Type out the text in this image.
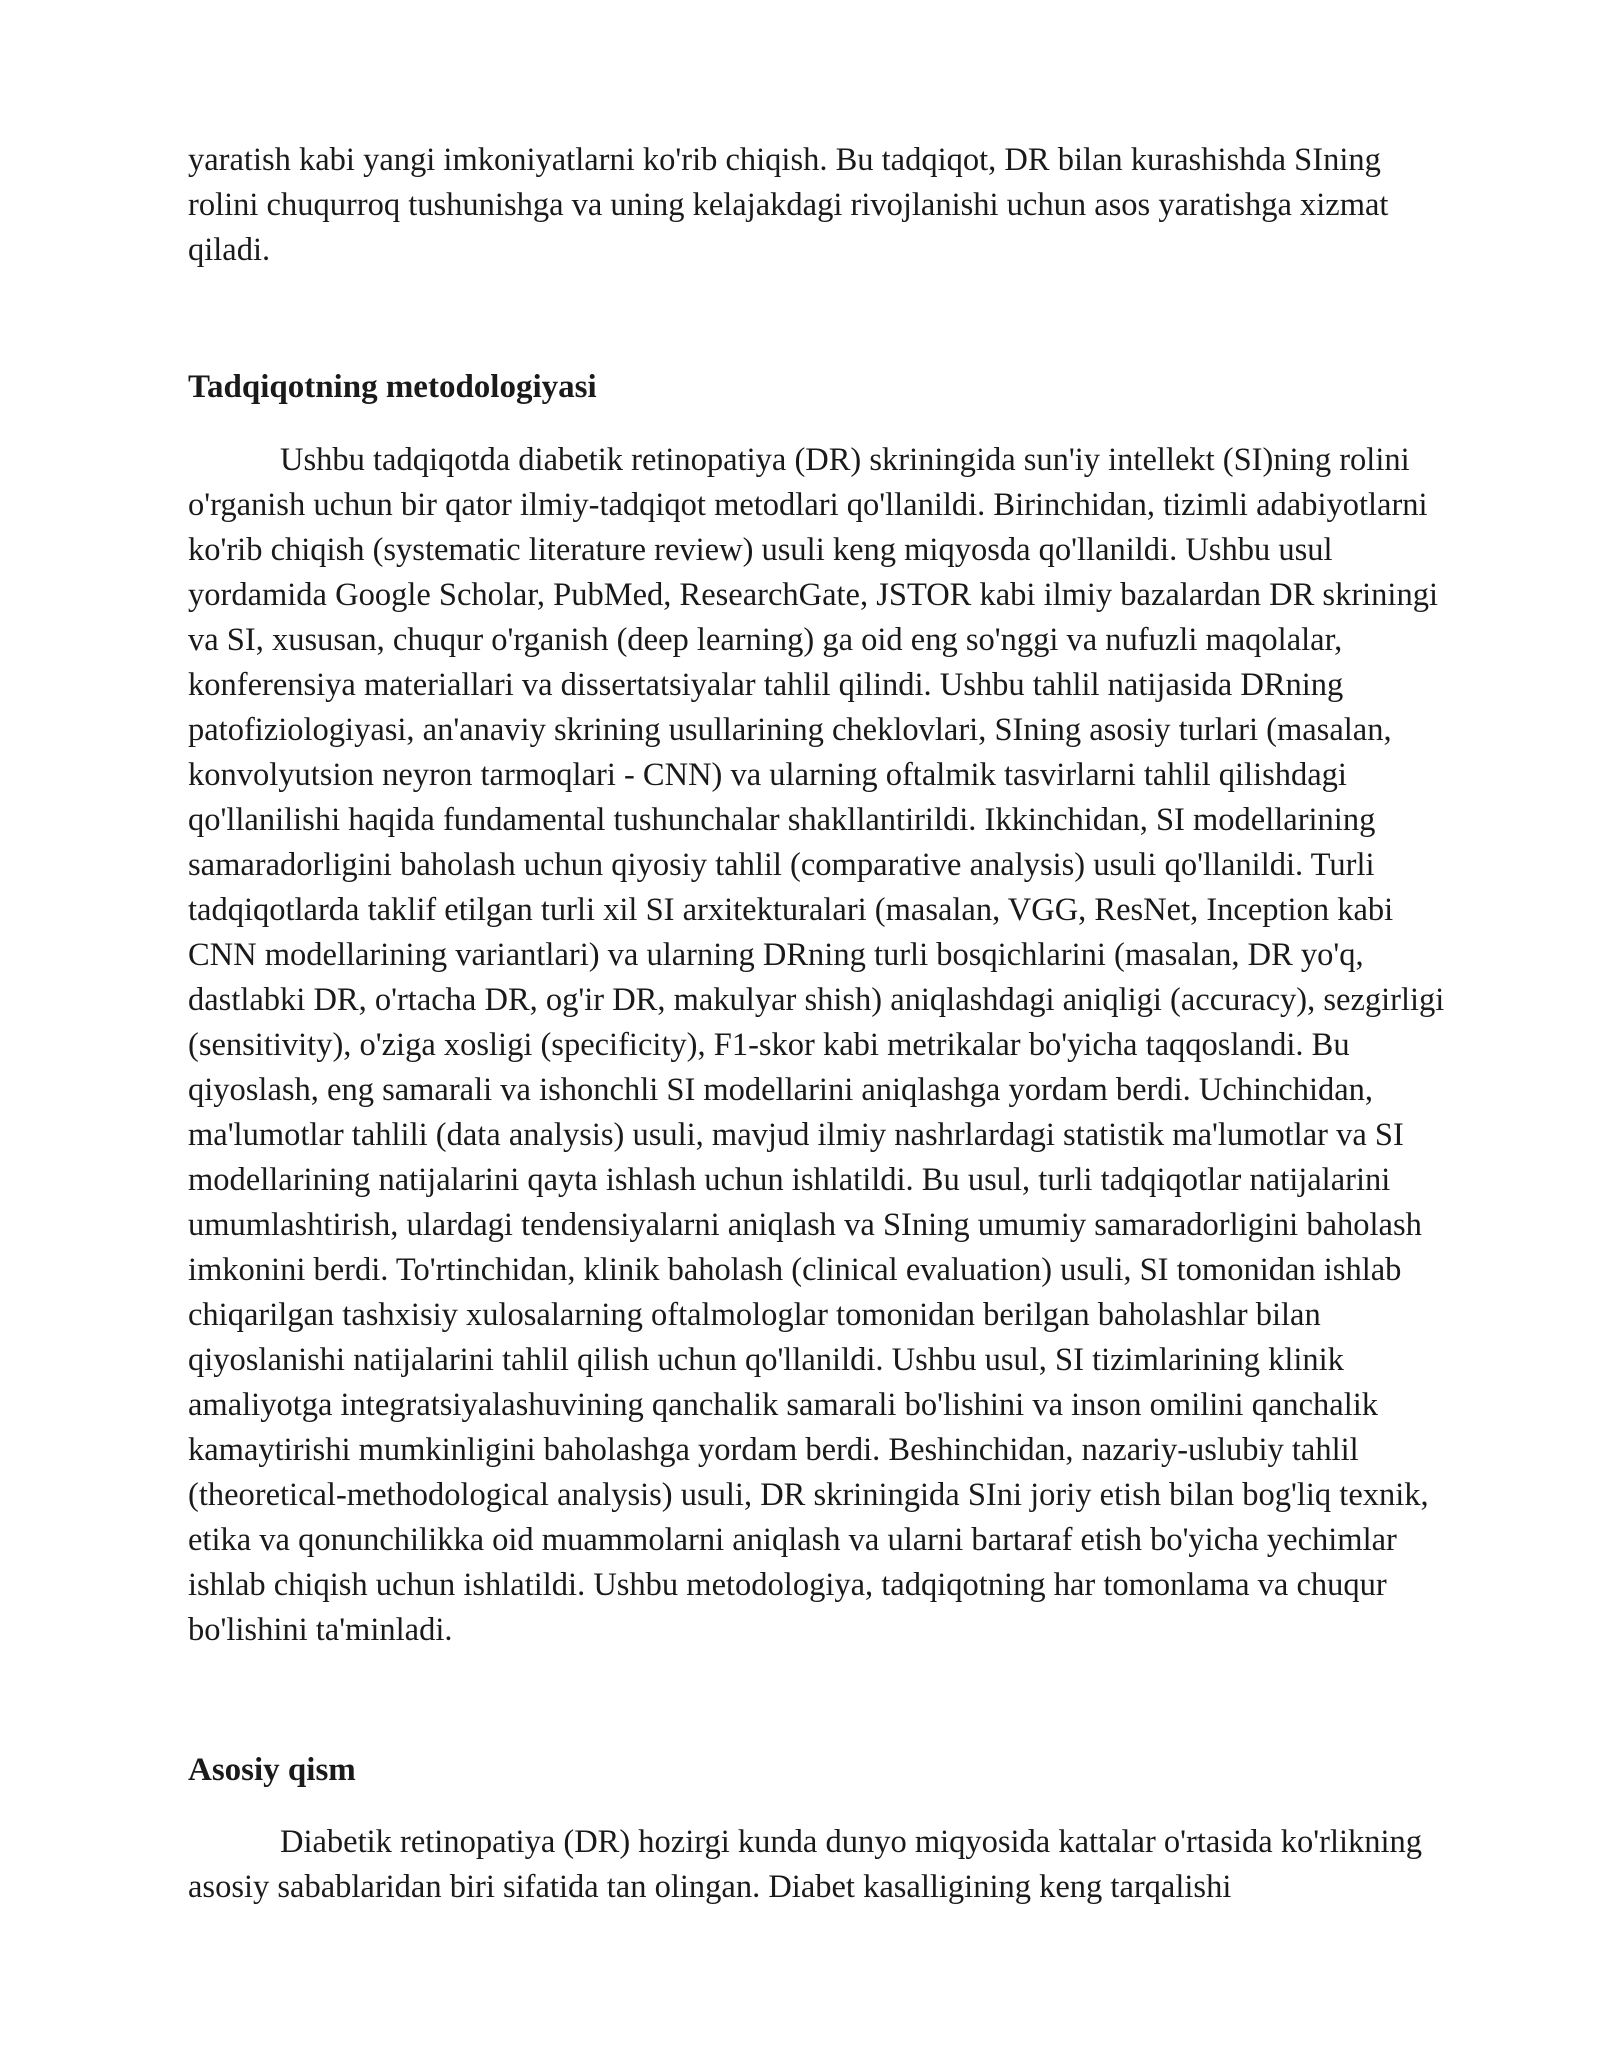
yaratish kabi yangi imkoniyatlarni ko'rib chiqish. Bu tadqiqot, DR bilan kurashishda SIning rolini chuqurroq tushunishga va uning kelajakdagi rivojlanishi uchun asos yaratishga xizmat qiladi.

Tadqiqotning metodologiyasi

Ushbu tadqiqotda diabetik retinopatiya (DR) skriningida sun'iy intellekt (SI)ning rolini o'rganish uchun bir qator ilmiy-tadqiqot metodlari qo'llanildi. Birinchidan, tizimli adabiyotlarni ko'rib chiqish (systematic literature review) usuli keng miqyosda qo'llanildi. Ushbu usul yordamida Google Scholar, PubMed, ResearchGate, JSTOR kabi ilmiy bazalardan DR skriningi va SI, xususan, chuqur o'rganish (deep learning) ga oid eng so'nggi va nufuzli maqolalar, konferensiya materiallari va dissertatsiyalar tahlil qilindi. Ushbu tahlil natijasida DRning patofiziologiyasi, an'anaviy skrining usullarining cheklovlari, SIning asosiy turlari (masalan, konvolyutsion neyron tarmoqlari - CNN) va ularning oftalmik tasvirlarni tahlil qilishdagi qo'llanilishi haqida fundamental tushunchalar shakllantirildi. Ikkinchidan, SI modellarining samaradorligini baholash uchun qiyosiy tahlil (comparative analysis) usuli qo'llanildi. Turli tadqiqotlarda taklif etilgan turli xil SI arxitekturalari (masalan, VGG, ResNet, Inception kabi CNN modellarining variantlari) va ularning DRning turli bosqichlarini (masalan, DR yo'q, dastlabki DR, o'rtacha DR, og'ir DR, makulyar shish) aniqlashdagi aniqligi (accuracy), sezgirligi (sensitivity), o'ziga xosligi (specificity), F1-skor kabi metrikalar bo'yicha taqqoslandi. Bu qiyoslash, eng samarali va ishonchli SI modellarini aniqlashga yordam berdi. Uchinchidan, ma'lumotlar tahlili (data analysis) usuli, mavjud ilmiy nashrlardagi statistik ma'lumotlar va SI modellarining natijalarini qayta ishlash uchun ishlatildi. Bu usul, turli tadqiqotlar natijalarini umumlashtirish, ulardagi tendensiyalarni aniqlash va SIning umumiy samaradorligini baholash imkonini berdi. To'rtinchidan, klinik baholash (clinical evaluation) usuli, SI tomonidan ishlab chiqarilgan tashxisiy xulosalarning oftalmologlar tomonidan berilgan baholashlar bilan qiyoslanishi natijalarini tahlil qilish uchun qo'llanildi. Ushbu usul, SI tizimlarining klinik amaliyotga integratsiyalashuvining qanchalik samarali bo'lishini va inson omilini qanchalik kamaytirishi mumkinligini baholashga yordam berdi. Beshinchidan, nazariy-uslubiy tahlil (theoretical-methodological analysis) usuli, DR skriningida SIni joriy etish bilan bog'liq texnik, etika va qonunchilikka oid muammolarni aniqlash va ularni bartaraf etish bo'yicha yechimlar ishlab chiqish uchun ishlatildi. Ushbu metodologiya, tadqiqotning har tomonlama va chuqur bo'lishini ta'minladi.

Asosiy qism

Diabetik retinopatiya (DR) hozirgi kunda dunyo miqyosida kattalar o'rtasida ko'rlikning asosiy sabablaridan biri sifatida tan olingan. Diabet kasalligining keng tarqalishi
